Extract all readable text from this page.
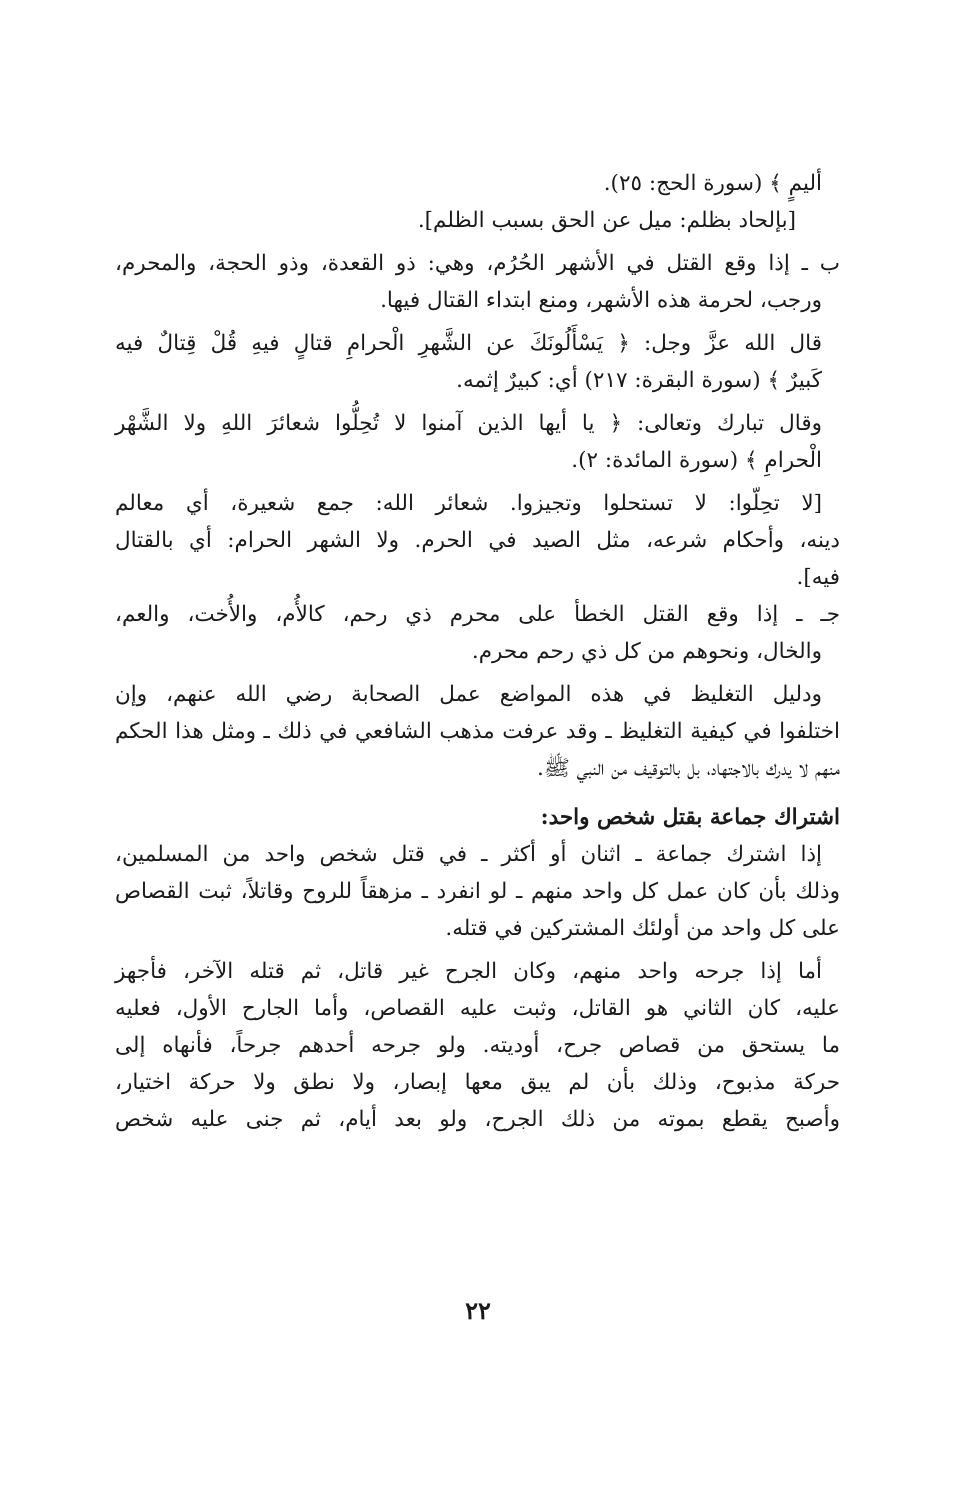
أليمٍ ﴾ (سورة الحج: ٢٥).
[بإلحاد بظلم: ميل عن الحق بسبب الظلم].
ب ـ إذا وقع القتل في الأشهر الحُرُم، وهي: ذو القعدة، وذو الحجة، والمحرم،
ورجب، لحرمة هذه الأشهر، ومنع ابتداء القتال فيها.
قال الله عزَّ وجل: ﴿ يَسْأَلُونَكَ عن الشَّهرِ الْحرامِ قتالٍ فيهِ قُلْ قِتالٌ فيه
كَبيرٌ ﴾ (سورة البقرة: ٢١٧) أي: كبيرٌ إثمه.
وقال تبارك وتعالى: ﴿ يا أيها الذين آمنوا لا تُحِلُّوا شعائرَ اللهِ ولا الشَّهْر
الْحرامِ ﴾ (سورة المائدة: ٢).
[لا تحِلّوا: لا تستحلوا وتجيزوا. شعائر الله: جمع شعيرة، أي معالم
دينه، وأحكام شرعه، مثل الصيد في الحرم. ولا الشهر الحرام: أي بالقتال
فيه].
جـ ـ إذا وقع القتل الخطأ على محرم ذي رحم، كالأُم، والأُخت، والعم،
والخال، ونحوهم من كل ذي رحم محرم.
ودليل التغليظ في هذه المواضع عمل الصحابة رضي الله عنهم، وإن
اختلفوا في كيفية التغليظ ـ وقد عرفت مذهب الشافعي في ذلك ـ ومثل هذا الحكم
منهم لا يدرك بالاجتهاد، بل بالتوقيف من النبي ﷺ.
اشتراك جماعة بقتل شخص واحد:
إذا اشترك جماعة ـ اثنان أو أكثر ـ في قتل شخص واحد من المسلمين،
وذلك بأن كان عمل كل واحد منهم ـ لو انفرد ـ مزهقاً للروح وقاتلاً، ثبت القصاص
على كل واحد من أولئك المشتركين في قتله.
أما إذا جرحه واحد منهم، وكان الجرح غير قاتل، ثم قتله الآخر، فأجهز
عليه، كان الثاني هو القاتل، وثبت عليه القصاص، وأما الجارح الأول، فعليه
ما يستحق من قصاص جرح، أوديته. ولو جرحه أحدهم جرحاً، فأنهاه إلى
حركة مذبوح، وذلك بأن لم يبق معها إبصار، ولا نطق ولا حركة اختيار،
وأصبح يقطع بموته من ذلك الجرح، ولو بعد أيام، ثم جنى عليه شخص
٢٢
